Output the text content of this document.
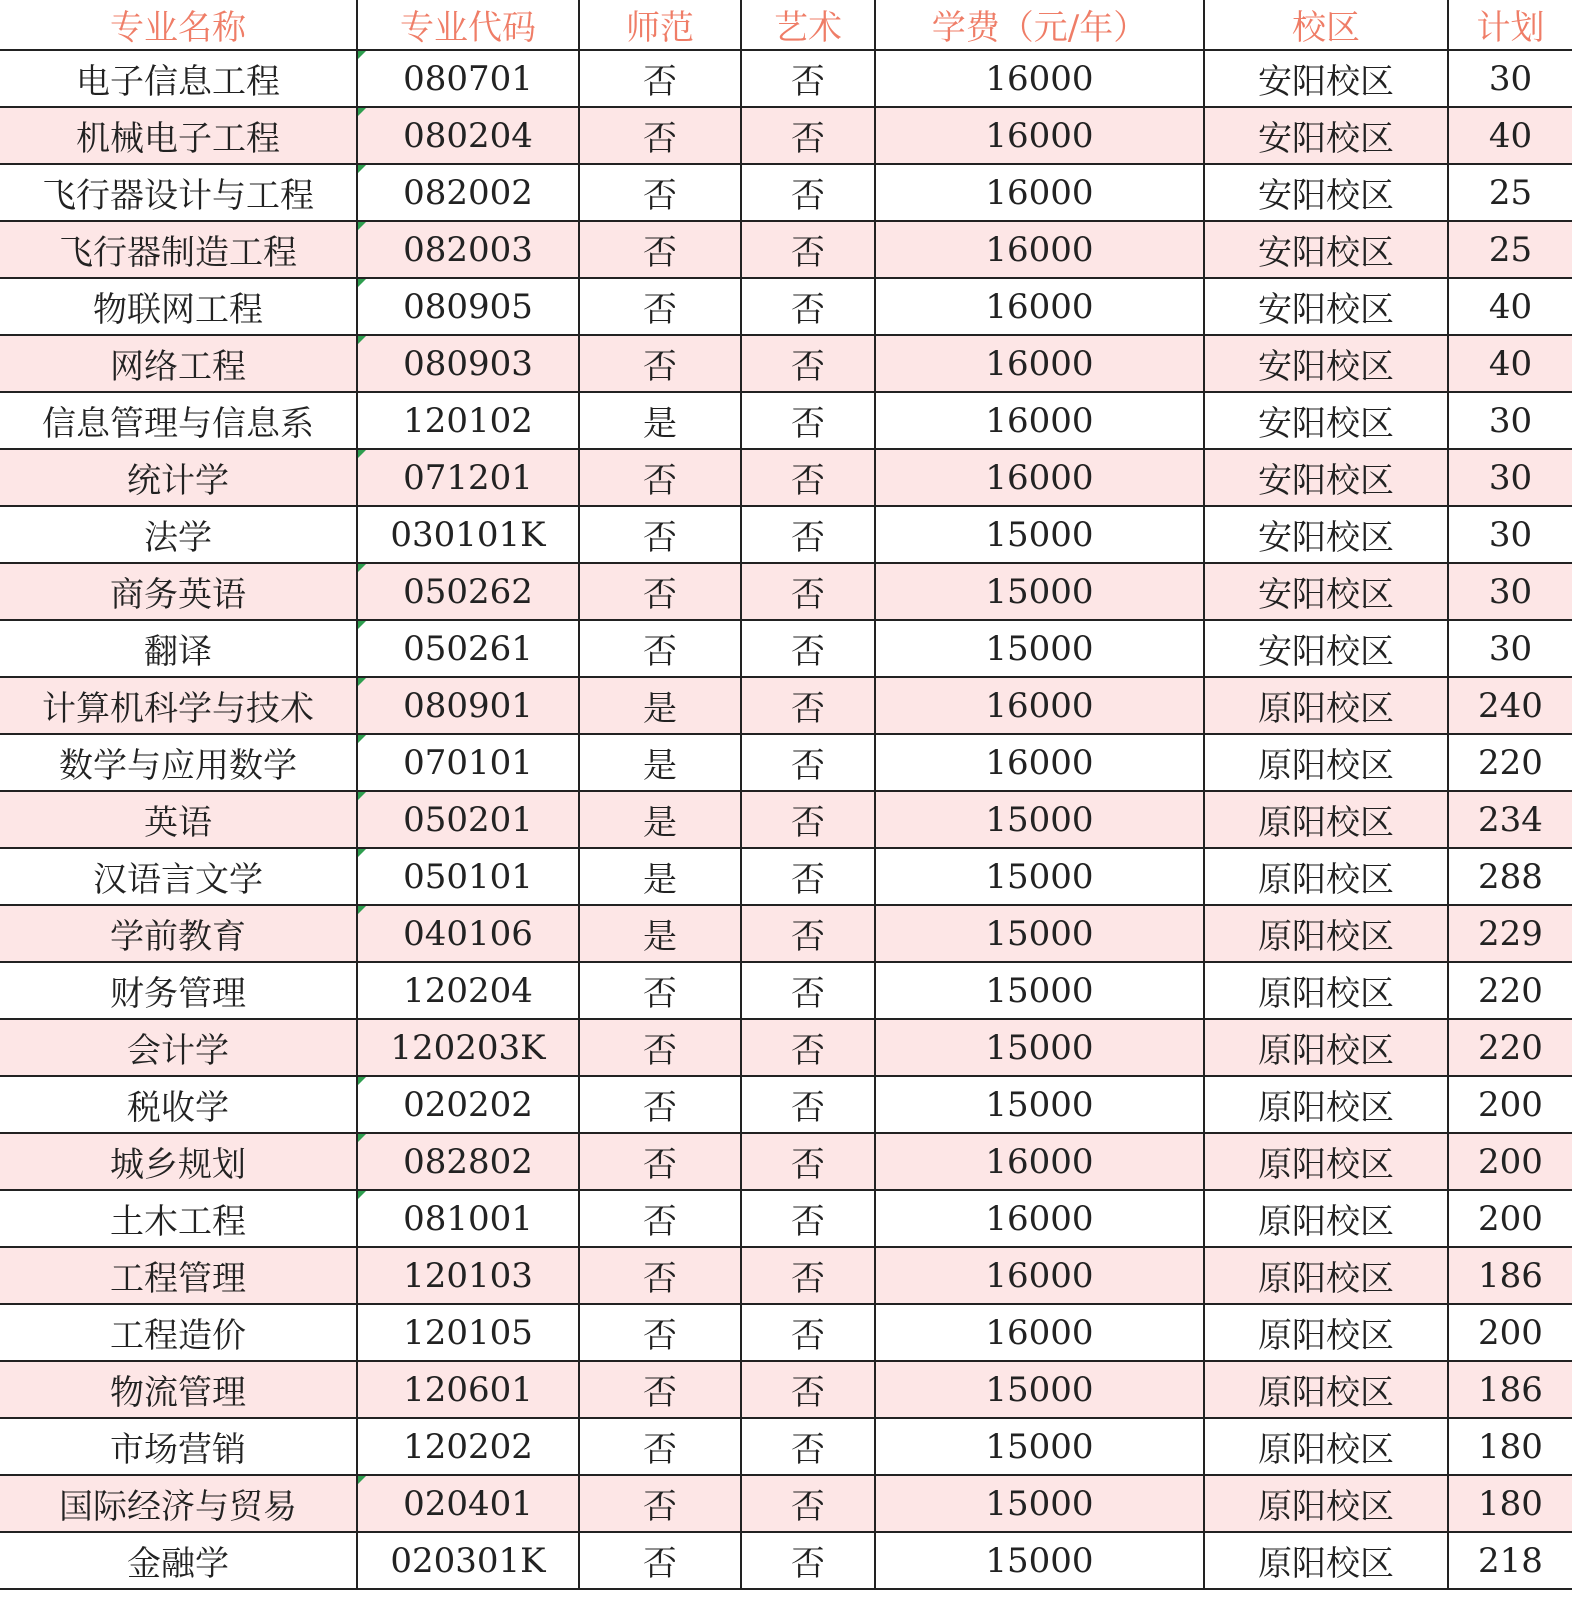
专业名称	专业代码	师范	艺术	学费（元/年）	校区	计划
电子信息工程	080701	否	否	16000	安阳校区	30
机械电子工程	080204	否	否	16000	安阳校区	40
飞行器设计与工程	082002	否	否	16000	安阳校区	25
飞行器制造工程	082003	否	否	16000	安阳校区	25
物联网工程	080905	否	否	16000	安阳校区	40
网络工程	080903	否	否	16000	安阳校区	40
信息管理与信息系	120102	是	否	16000	安阳校区	30
统计学	071201	否	否	16000	安阳校区	30
法学	030101K	否	否	15000	安阳校区	30
商务英语	050262	否	否	15000	安阳校区	30
翻译	050261	否	否	15000	安阳校区	30
计算机科学与技术	080901	是	否	16000	原阳校区	240
数学与应用数学	070101	是	否	16000	原阳校区	220
英语	050201	是	否	15000	原阳校区	234
汉语言文学	050101	是	否	15000	原阳校区	288
学前教育	040106	是	否	15000	原阳校区	229
财务管理	120204	否	否	15000	原阳校区	220
会计学	120203K	否	否	15000	原阳校区	220
税收学	020202	否	否	15000	原阳校区	200
城乡规划	082802	否	否	16000	原阳校区	200
土木工程	081001	否	否	16000	原阳校区	200
工程管理	120103	否	否	16000	原阳校区	186
工程造价	120105	否	否	16000	原阳校区	200
物流管理	120601	否	否	15000	原阳校区	186
市场营销	120202	否	否	15000	原阳校区	180
国际经济与贸易	020401	否	否	15000	原阳校区	180
金融学	020301K	否	否	15000	原阳校区	218
